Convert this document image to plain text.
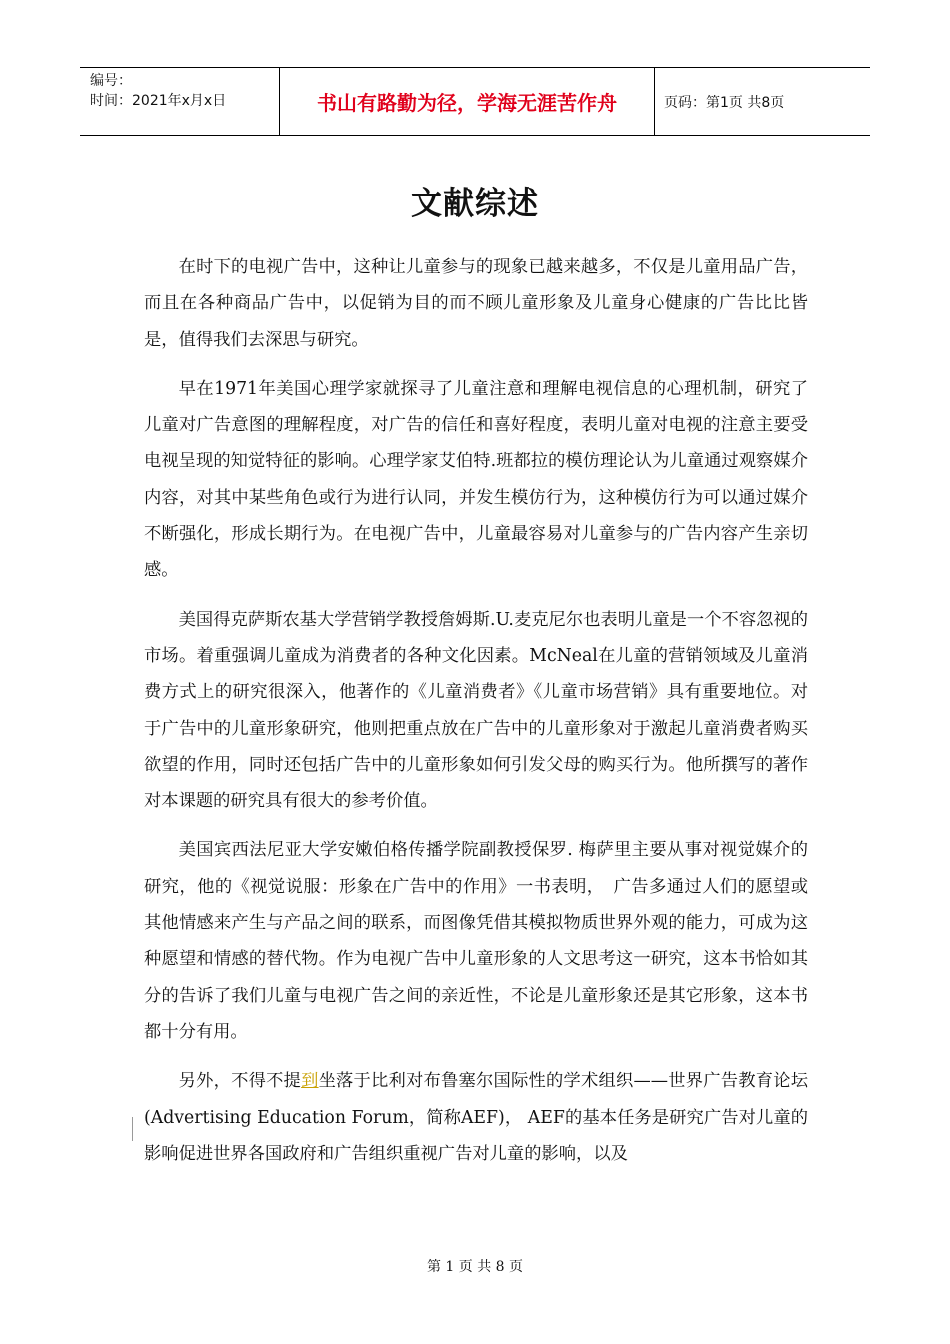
编号：
时间：2021年x月x日	书山有路勤为径，学海无涯苦作舟	页码：第1页 共8页
文献综述

在时下的电视广告中，这种让儿童参与的现象已越来越多，不仅是儿童用品广告，而且在各种商品广告中，以促销为目的而不顾儿童形象及儿童身心健康的广告比比皆是，值得我们去深思与研究。

早在1971年美国心理学家就探寻了儿童注意和理解电视信息的心理机制，研究了儿童对广告意图的理解程度，对广告的信任和喜好程度，表明儿童对电视的注意主要受电视呈现的知觉特征的影响。心理学家艾伯特.班都拉的模仿理论认为儿童通过观察媒介内容，对其中某些角色或行为进行认同，并发生模仿行为，这种模仿行为可以通过媒介不断强化，形成长期行为。在电视广告中，儿童最容易对儿童参与的广告内容产生亲切感。

美国得克萨斯农基大学营销学教授詹姆斯.U.麦克尼尔也表明儿童是一个不容忽视的市场。着重强调儿童成为消费者的各种文化因素。McNeal在儿童的营销领域及儿童消费方式上的研究很深入，他著作的《儿童消费者》《儿童市场营销》具有重要地位。对于广告中的儿童形象研究，他则把重点放在广告中的儿童形象对于激起儿童消费者购买欲望的作用，同时还包括广告中的儿童形象如何引发父母的购买行为。他所撰写的著作对本课题的研究具有很大的参考价值。

美国宾西法尼亚大学安嫩伯格传播学院副教授保罗. 梅萨里主要从事对视觉媒介的研究，他的《视觉说服：形象在广告中的作用》一书表明，　广告多通过人们的愿望或其他情感来产生与产品之间的联系，而图像凭借其模拟物质世界外观的能力，可成为这种愿望和情感的替代物。作为电视广告中儿童形象的人文思考这一研究，这本书恰如其分的告诉了我们儿童与电视广告之间的亲近性，不论是儿童形象还是其它形象，这本书都十分有用。

另外，不得不提到坐落于比利对布鲁塞尔国际性的学术组织——世界广告教育论坛(Advertising Education Forum，简称AEF)， AEF的基本任务是研究广告对儿童的影响促进世界各国政府和广告组织重视广告对儿童的影响，以及

第 1 页 共 8 页
